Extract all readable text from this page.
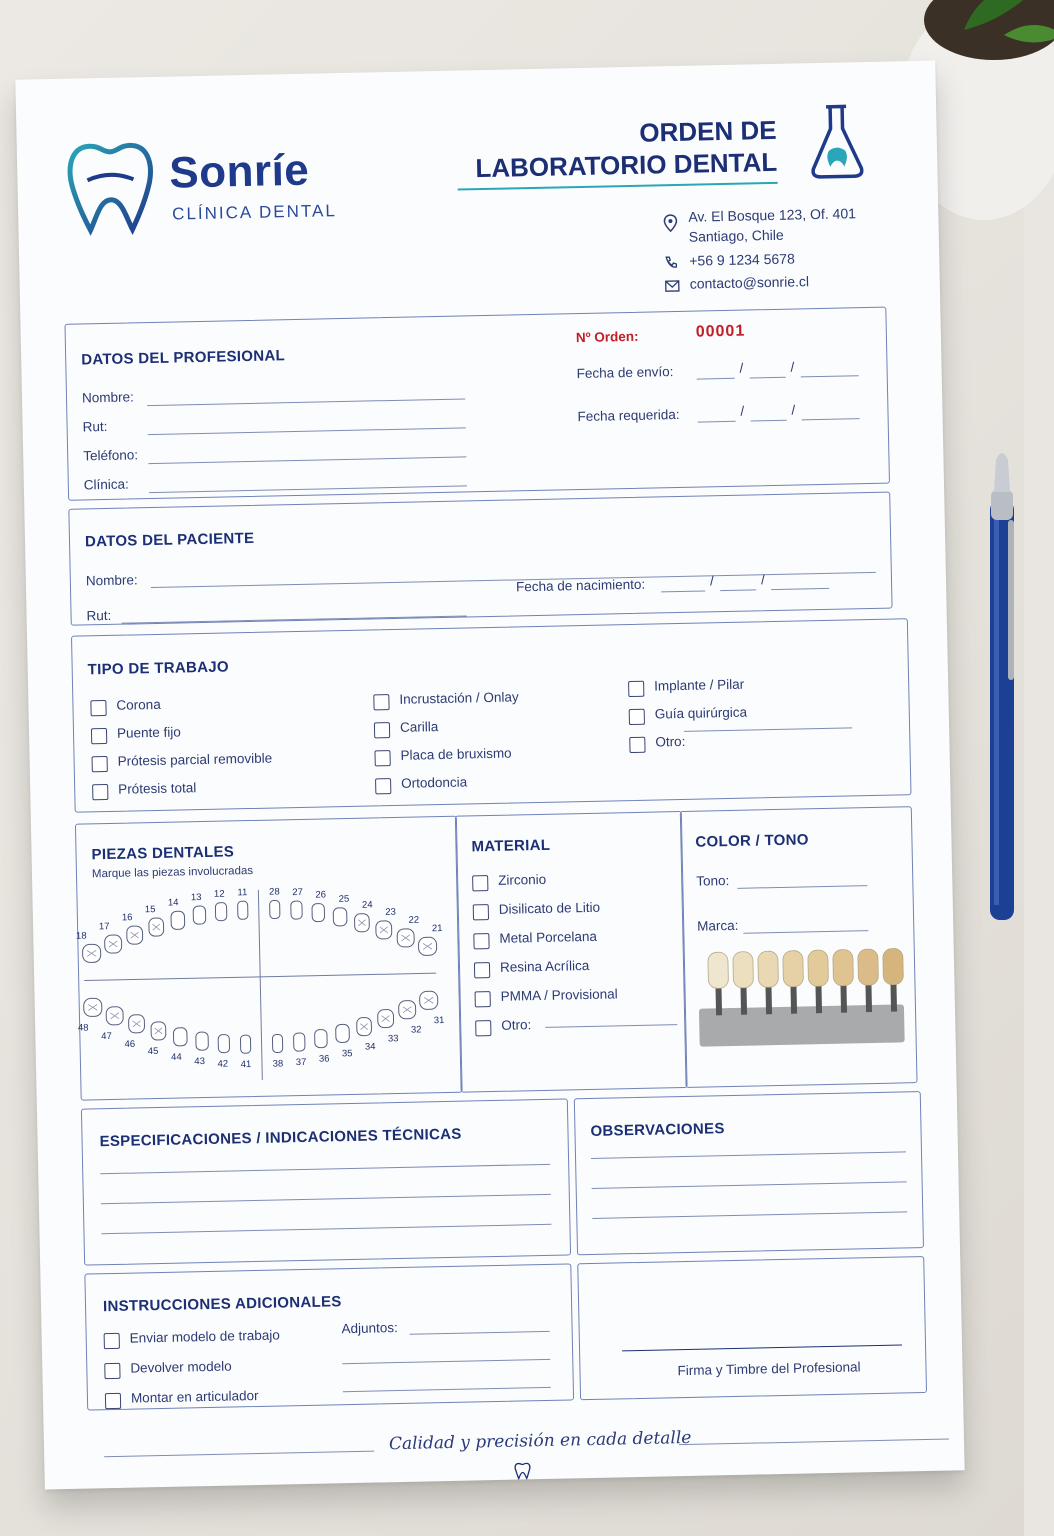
Sonríe
CLÍNICA DENTAL
ORDEN DE
LABORATORIO DENTAL
Av. El Bosque 123, Of. 401
Santiago, Chile
+56 9 1234 5678
contacto@sonrie.cl
DATOS DEL PROFESIONAL
Nombre:
Rut:
Teléfono:
Clínica:
Nº Orden:	00001
Fecha de envío:	/	/
Fecha requerida:	/	/
DATOS DEL PACIENTE
Nombre:
Rut:
Fecha de nacimiento:	/	/
TIPO DE TRABAJO
PIEZAS DENTALES
Marque las piezas involucradas
18
17
16
15
14 13 12 11
21
22
23
24
25
26
27
28
48
47
46
45
44 43 42 41
31
32
33
34
35
36
37
38
MATERIAL	COLOR / TONO
Tono:
Marca:
ESPECIFICACIONES / INDICACIONES TÉCNICAS	OBSERVACIONES
INSTRUCCIONES ADICIONALES
Adjuntos:
Firma y Timbre del Profesional
Calidad y precisión en cada detalle
Corona
Puente fijo
Prótesis parcial removible
Prótesis total
Incrustación / Onlay
Carilla
Placa de bruxismo
Ortodoncia
Implante / Pilar
Guía quirúrgica
Otro:
Zirconio
Disilicato de Litio
Metal Porcelana
Resina Acrílica
PMMA / Provisional
Otro:
Enviar modelo de trabajo
Devolver modelo
Montar en articulador
